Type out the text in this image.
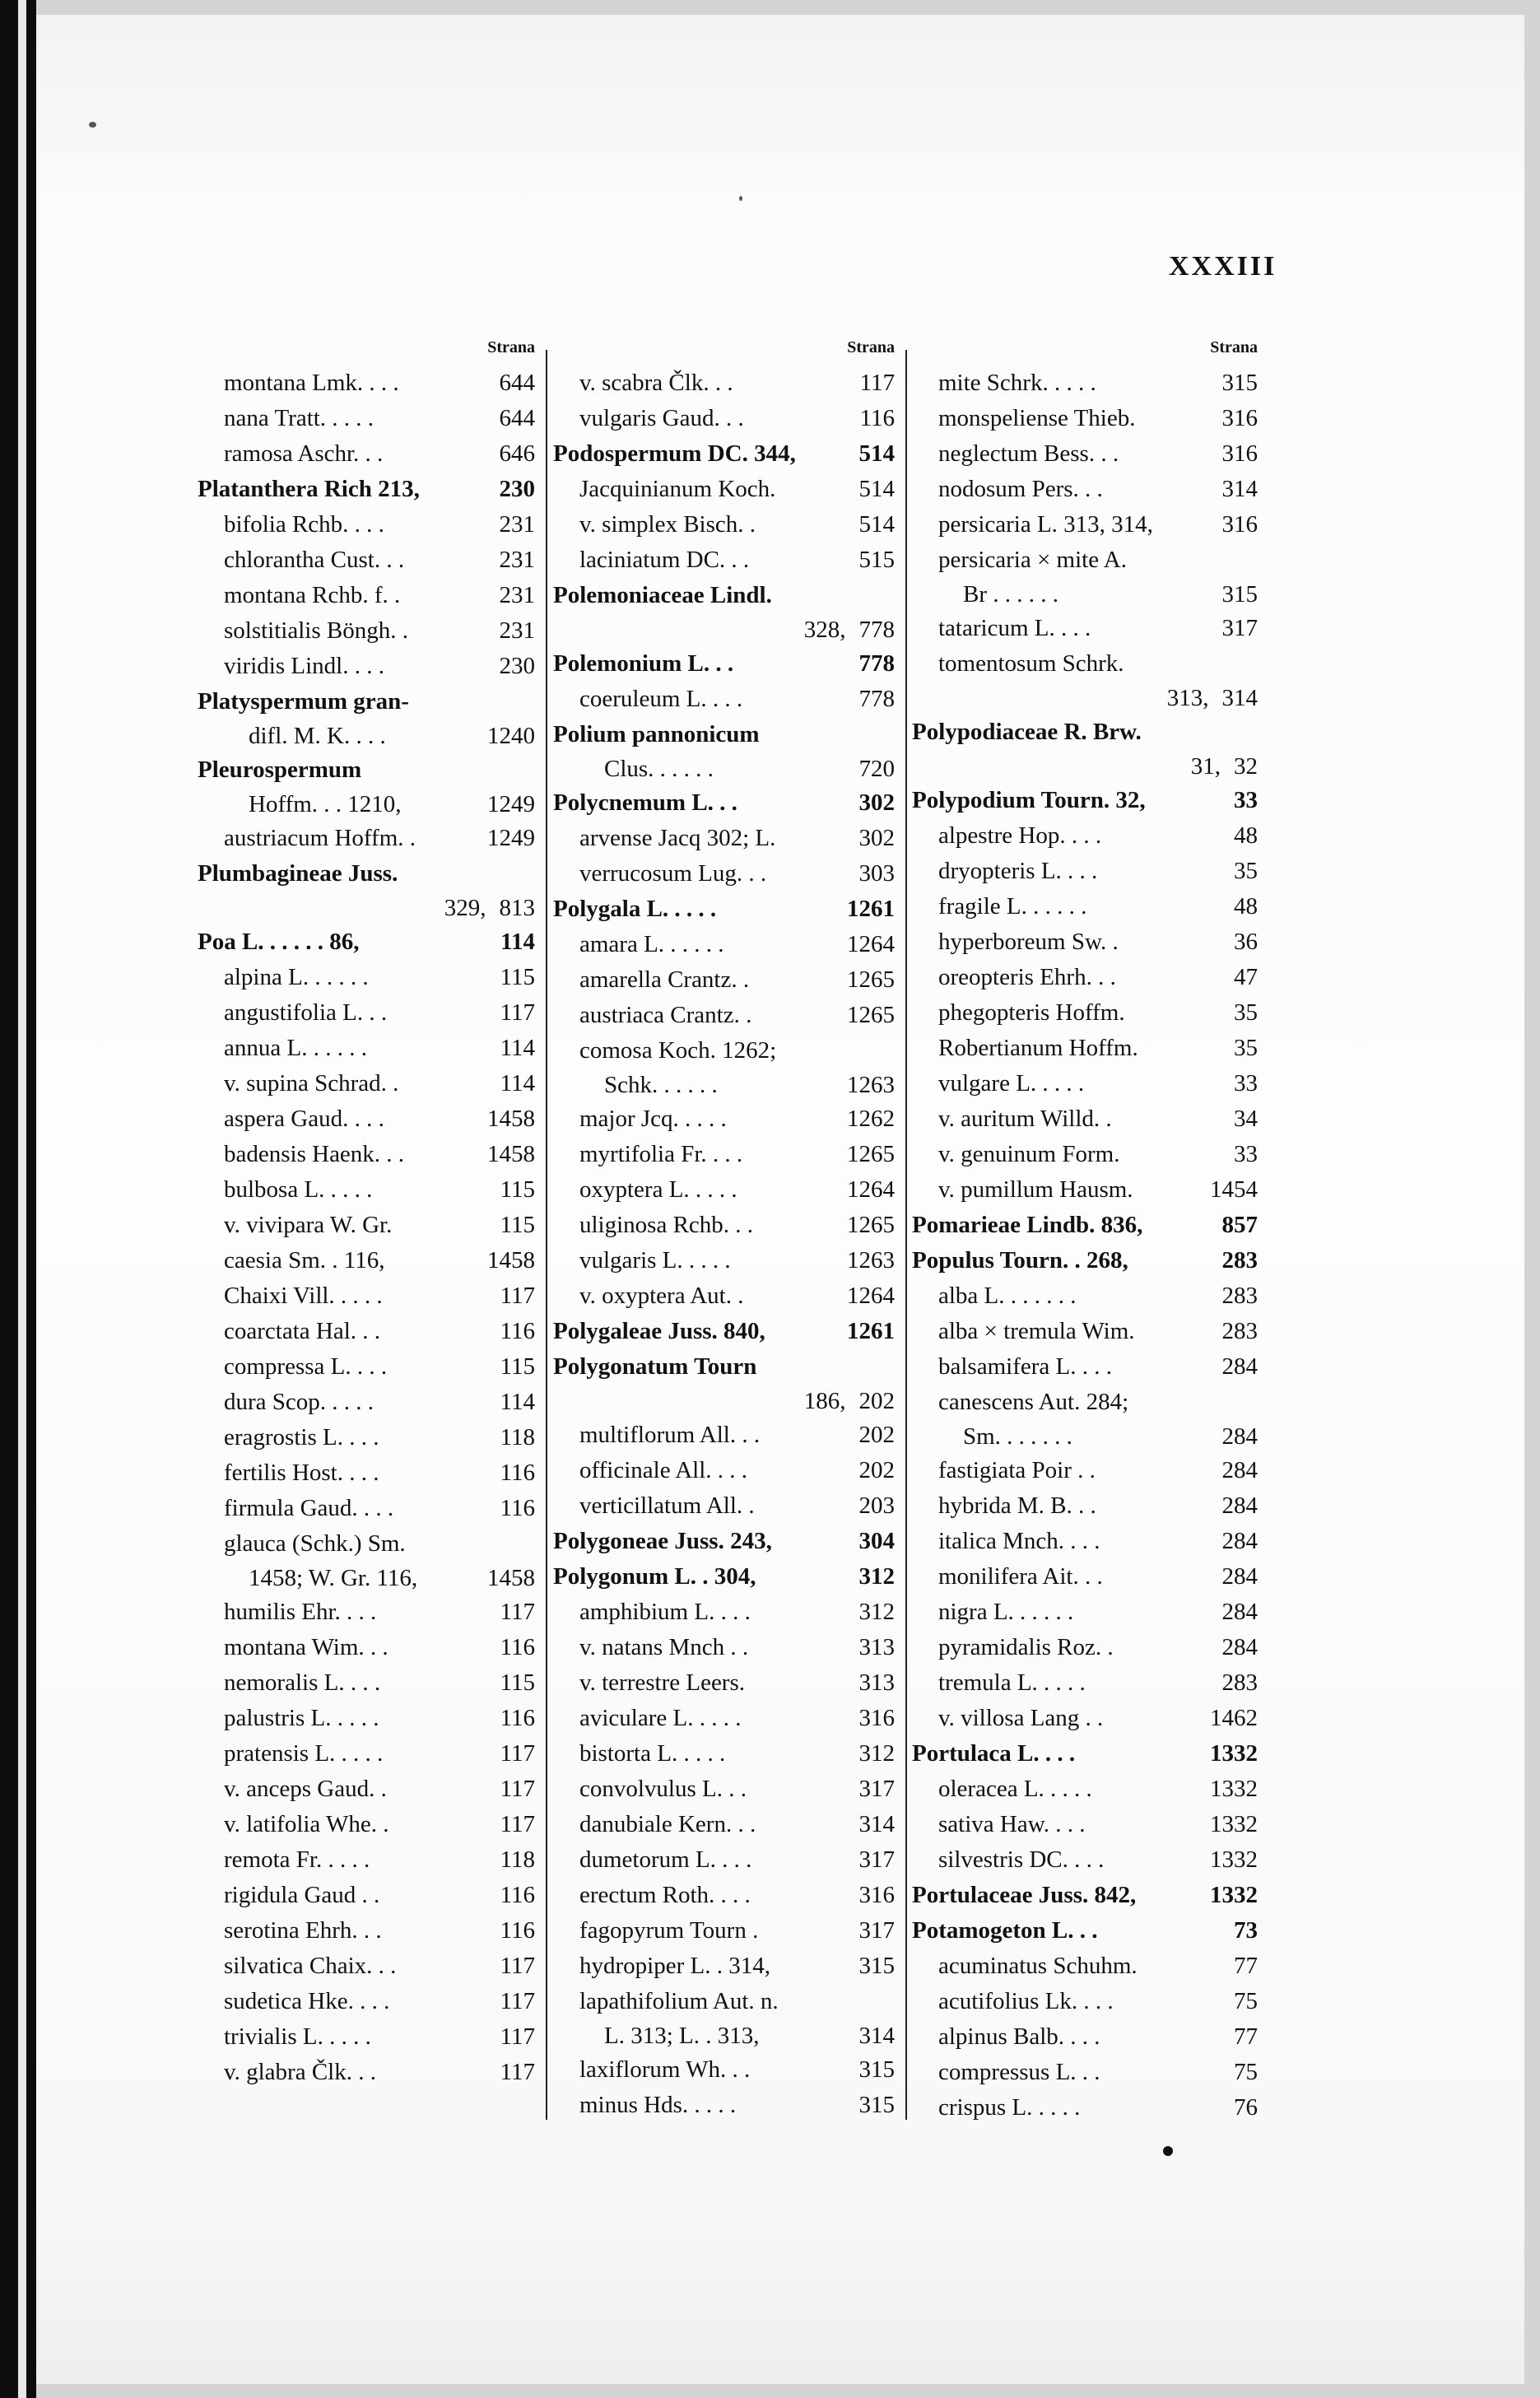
XXXIII
Strana
montana Lmk. . . .	644
nana Tratt. . . . .	644
ramosa Aschr. . .	646
Platanthera Rich 213,	230
bifolia Rchb. . . .	231
chlorantha Cust. . .	231
montana Rchb. f. .	231
solstitialis Böngh. .	231
viridis Lindl. . . .	230
Platyspermum gran-
difl. M. K. . . .	1240
Pleurospermum
Hoffm. . . 1210,	1249
austriacum Hoffm. .	1249
Plumbagineae Juss.
329, 813
Poa L. . . . . . 86,	114
alpina L. . . . . .	115
angustifolia L. . .	117
annua L. . . . . .	114
v. supina Schrad. .	114
aspera Gaud. . . .	1458
badensis Haenk. . .	1458
bulbosa L. . . . .	115
v. vivipara W. Gr.	115
caesia Sm. . 116,	1458
Chaixi Vill. . . . .	117
coarctata Hal. . .	116
compressa L. . . .	115
dura Scop. . . . .	114
eragrostis L. . . .	118
fertilis Host. . . .	116
firmula Gaud. . . .	116
glauca (Schk.) Sm.
1458; W. Gr. 116,	1458
humilis Ehr. . . .	117
montana Wim. . .	116
nemoralis L. . . .	115
palustris L. . . . .	116
pratensis L. . . . .	117
v. anceps Gaud. .	117
v. latifolia Whe. .	117
remota Fr. . . . .	118
rigidula Gaud . .	116
serotina Ehrh. . .	116
silvatica Chaix. . .	117
sudetica Hke. . . .	117
trivialis L. . . . .	117
v. glabra Člk. . .	117
Strana
v. scabra Člk. . .	117
vulgaris Gaud. . .	116
Podospermum DC. 344,	514
Jacquinianum Koch.	514
v. simplex Bisch. .	514
laciniatum DC. . .	515
Polemoniaceae Lindl.
328, 778
Polemonium L. . .	778
coeruleum L. . . .	778
Polium pannonicum
Clus. . . . . .	720
Polycnemum L. . .	302
arvense Jacq 302; L.	302
verrucosum Lug. . .	303
Polygala L. . . . .	1261
amara L. . . . . .	1264
amarella Crantz. .	1265
austriaca Crantz. .	1265
comosa Koch. 1262;
Schk. . . . . .	1263
major Jcq. . . . .	1262
myrtifolia Fr. . . .	1265
oxyptera L. . . . .	1264
uliginosa Rchb. . .	1265
vulgaris L. . . . .	1263
v. oxyptera Aut. .	1264
Polygaleae Juss. 840,	1261
Polygonatum Tourn
186, 202
multiflorum All. . .	202
officinale All. . . .	202
verticillatum All. .	203
Polygoneae Juss. 243,	304
Polygonum L. . 304,	312
amphibium L. . . .	312
v. natans Mnch . .	313
v. terrestre Leers.	313
aviculare L. . . . .	316
bistorta L. . . . .	312
convolvulus L. . .	317
danubiale Kern. . .	314
dumetorum L. . . .	317
erectum Roth. . . .	316
fagopyrum Tourn .	317
hydropiper L. . 314,	315
lapathifolium Aut. n.
L. 313; L. . 313,	314
laxiflorum Wh. . .	315
minus Hds. . . . .	315
Strana
mite Schrk. . . . .	315
monspeliense Thieb.	316
neglectum Bess. . .	316
nodosum Pers. . .	314
persicaria L. 313, 314,	316
persicaria × mite A.
Br . . . . . .	315
tataricum L. . . .	317
tomentosum Schrk.
313, 314
Polypodiaceae R. Brw.
31, 32
Polypodium Tourn. 32,	33
alpestre Hop. . . .	48
dryopteris L. . . .	35
fragile L. . . . . .	48
hyperboreum Sw. .	36
oreopteris Ehrh. . .	47
phegopteris Hoffm.	35
Robertianum Hoffm.	35
vulgare L. . . . .	33
v. auritum Willd. .	34
v. genuinum Form.	33
v. pumillum Hausm.	1454
Pomarieae Lindb. 836,	857
Populus Tourn. . 268,	283
alba L. . . . . . .	283
alba × tremula Wim.	283
balsamifera L. . . .	284
canescens Aut. 284;
Sm. . . . . . .	284
fastigiata Poir . .	284
hybrida M. B. . .	284
italica Mnch. . . .	284
monilifera Ait. . .	284
nigra L. . . . . .	284
pyramidalis Roz. .	284
tremula L. . . . .	283
v. villosa Lang . .	1462
Portulaca L. . . .	1332
oleracea L. . . . .	1332
sativa Haw. . . .	1332
silvestris DC. . . .	1332
Portulaceae Juss. 842,	1332
Potamogeton L. . .	73
acuminatus Schuhm.	77
acutifolius Lk. . . .	75
alpinus Balb. . . .	77
compressus L. . .	75
crispus L. . . . .	76
